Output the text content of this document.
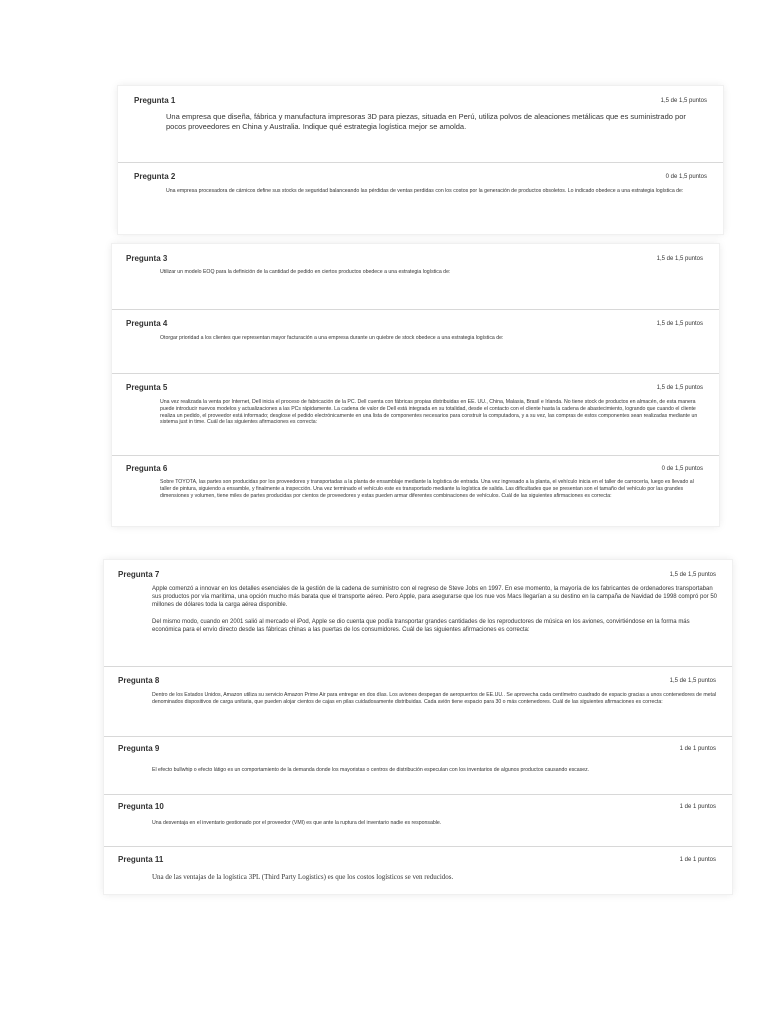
Pregunta 1	1,5 de 1,5 puntos
Una empresa que diseña, fábrica y manufactura impresoras 3D para piezas, situada en Perú, utiliza polvos de aleaciones metálicas que es suministrado por pocos proveedores en China y Australia. Indique qué estrategia logística mejor se amolda.
Pregunta 2	0 de 1,5 puntos
Una empresa procesadora de cárnicos define sus stocks de seguridad balanceando las pérdidas de ventas perdidas con los costos por la generación de productos obsoletos. Lo indicado obedece a una estrategia logística de:
Pregunta 3	1,5 de 1,5 puntos
Utilizar un modelo EOQ para la definición de la cantidad de pedido en ciertos productos obedece a una estrategia logística de:
Pregunta 4	1,5 de 1,5 puntos
Otorgar prioridad a los clientes que representan mayor facturación a una empresa durante un quiebre de stock obedece a una estrategia logística de:
Pregunta 5	1,5 de 1,5 puntos
Una vez realizada la venta por Internet, Dell inicia el proceso de fabricación de la PC. Dell cuenta con fábricas propias distribuidas en EE. UU., China, Malasia, Brasil e Irlanda. No tiene stock de productos en almacén, de esta manera puede introducir nuevos modelos y actualizaciones a las PCs rápidamente. La cadena de valor de Dell está integrada en su totalidad, desde el contacto con el cliente hasta la cadena de abastecimiento, logrando que cuando el cliente realiza un pedido, el proveedor está informado; desglose el pedido electrónicamente en una lista de componentes necesarios para construir la computadora, y a su vez, las compras de estos componentes sean realizadas mediante un sistema just in time. Cuál de las siguientes afirmaciones es correcta:
Pregunta 6	0 de 1,5 puntos
Sobre TOYOTA, las partes son producidas por los proveedores y transportadas a la planta de ensamblaje mediante la logística de entrada. Una vez ingresado a la planta, el vehículo inicia en el taller de carrocería, luego es llevado al taller de pintura, siguiendo a ensamble, y finalmente a inspección. Una vez terminado el vehículo este es transportado mediante la logística de salida. Las dificultades que se presentan son el tamaño del vehículo por las grandes dimensiones y volumen, tiene miles de partes producidas por cientos de proveedores y estas pueden armar diferentes combinaciones de vehículos. Cuál de las siguientes afirmaciones es correcta:
Pregunta 7	1,5 de 1,5 puntos
Apple comenzó a innovar en los detalles esenciales de la gestión de la cadena de suministro con el regreso de Steve Jobs en 1997. En ese momento, la mayoría de los fabricantes de ordenadores transportaban sus productos por vía marítima, una opción mucho más barata que el transporte aéreo. Pero Apple, para asegurarse que los nue vos Macs llegarían a su destino en la campaña de Navidad de 1998 compró por 50 millones de dólares toda la carga aérea disponible.
Del mismo modo, cuando en 2001 salió al mercado el iPod, Apple se dio cuenta que podía transportar grandes cantidades de los reproductores de música en los aviones, convirtiéndose en la forma más económica para el envío directo desde las fábricas chinas a las puertas de los consumidores. Cuál de las siguientes afirmaciones es correcta:
Pregunta 8	1,5 de 1,5 puntos
Dentro de los Estados Unidos, Amazon utiliza su servicio Amazon Prime Air para entregar en dos días. Los aviones despegan de aeropuertos de EE.UU.. Se aprovecha cada centímetro cuadrado de espacio gracias a unos contenedores de metal denominados dispositivos de carga unitaria, que pueden alojar cientos de cajas en pilas cuidadosamente distribuidas. Cada avión tiene espacio para 30 o más contenedores. Cuál de las siguientes afirmaciones es correcta:
Pregunta 9	1 de 1 puntos
El efecto bullwhip o efecto látigo es un comportamiento de la demanda donde los mayoristas o centros de distribución especulan con los inventarios de algunos productos causando escasez.
Pregunta 10	1 de 1 puntos
Una desventaja en el inventario gestionado por el proveedor (VMI) es que ante la ruptura del inventario nadie es responsable.
Pregunta 11	1 de 1 puntos
Una de las ventajas de la logística 3PL (Third Party Logistics) es que los costos logísticos se ven reducidos.
